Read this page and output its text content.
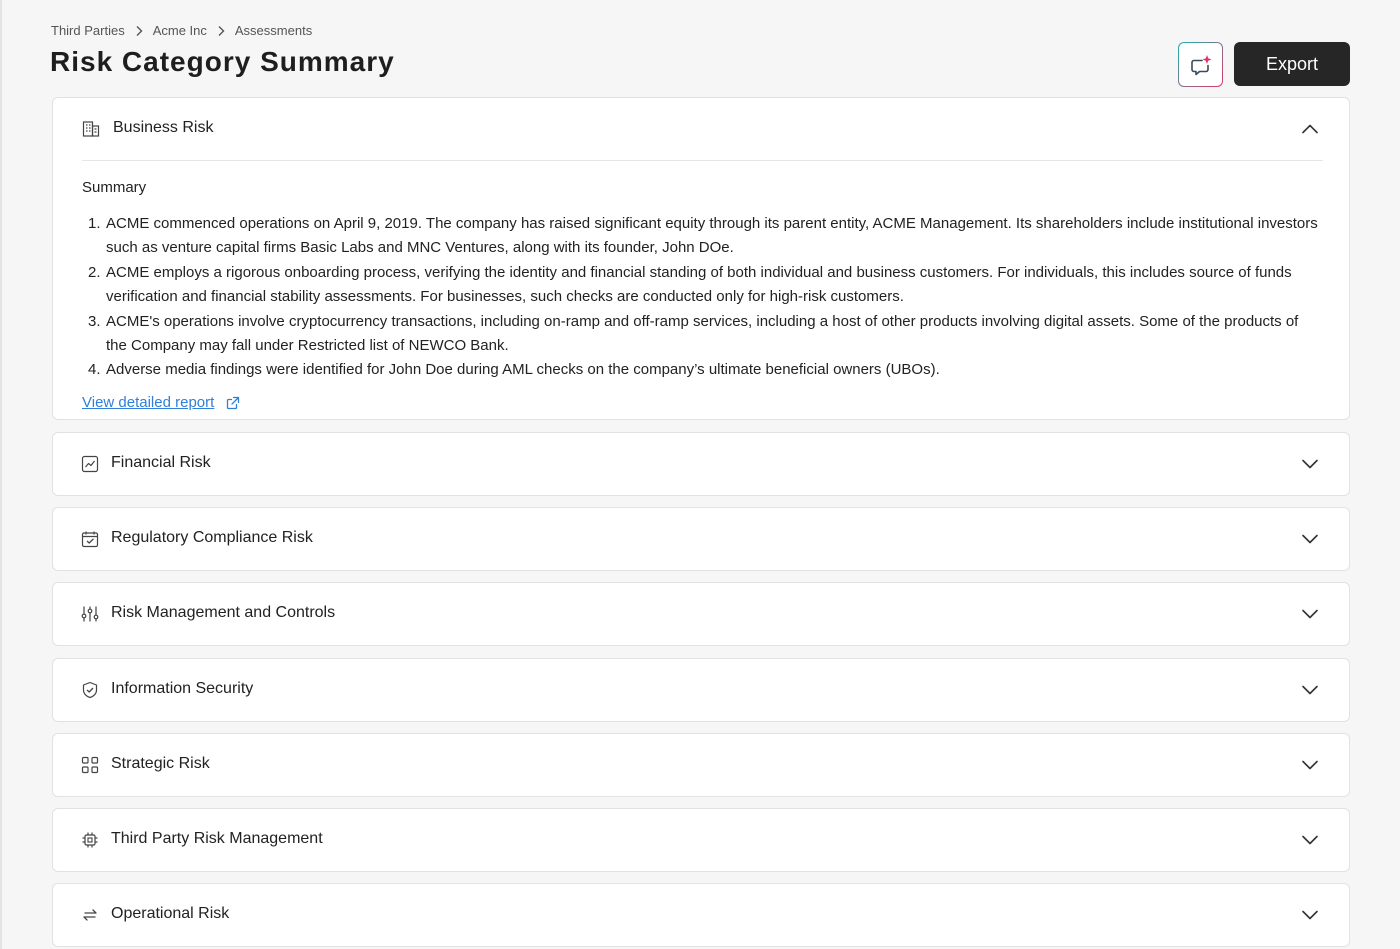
Third Parties Acme Inc Assessments
Risk Category Summary	Export
Business Risk
Summary
1. ACME commenced operations on April 9, 2019. The company has raised significant equity through its parent entity, ACME Management. Its shareholders include institutional investors such as venture capital firms Basic Labs and MNC Ventures, along with its founder, John DOe.
2. ACME employs a rigorous onboarding process, verifying the identity and financial standing of both individual and business customers. For individuals, this includes source of funds verification and financial stability assessments. For businesses, such checks are conducted only for high-risk customers.
3. ACME's operations involve cryptocurrency transactions, including on-ramp and off-ramp services, including a host of other products involving digital assets. Some of the products of the Company may fall under Restricted list of NEWCO Bank.
4. Adverse media findings were identified for John Doe during AML checks on the company’s ultimate beneficial owners (UBOs).
View detailed report
Financial Risk
Regulatory Compliance Risk
Risk Management and Controls
Information Security
Strategic Risk
Third Party Risk Management
Operational Risk
